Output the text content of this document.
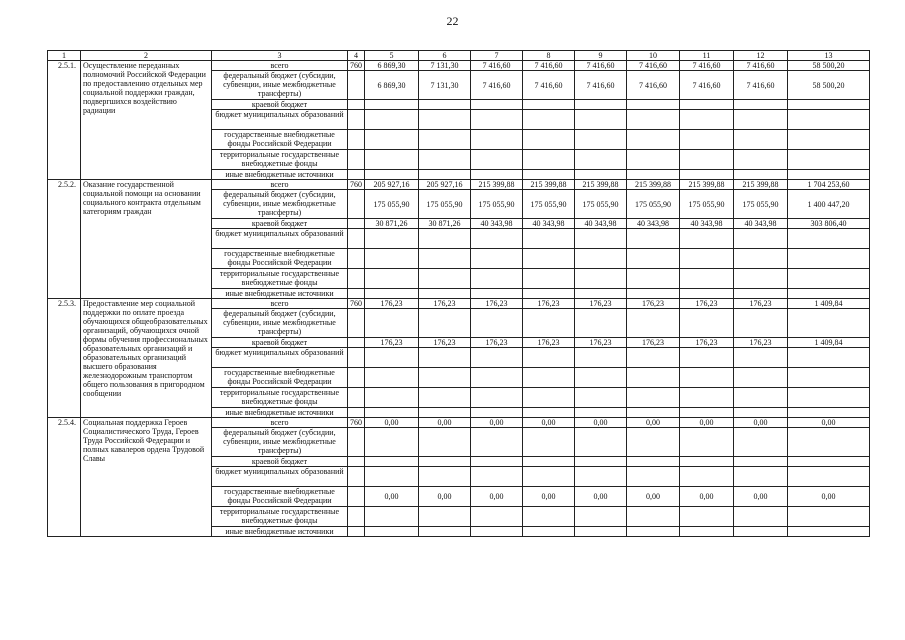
22
1	2	3	4	5	6	7	8	9	10	11	12	13
2.5.1.	Осуществление переданных полномочий Российской Федерации по предоставлению отдельных мер социальной поддержки граждан, подвергшихся воздействию радиации	всего	760	6 869,30	7 131,30	7 416,60	7 416,60	7 416,60	7 416,60	7 416,60	7 416,60	58 500,20
		федеральный бюджет (субсидии, субвенции, иные межбюджетные трансферты)		6 869,30	7 131,30	7 416,60	7 416,60	7 416,60	7 416,60	7 416,60	7 416,60	58 500,20
		краевой бюджет										
		бюджет муниципальных образований										
		государственные внебюджетные фонды Российской Федерации										
		территориальные государственные внебюджетные фонды										
		иные внебюджетные источники										
2.5.2.	Оказание государственной социальной помощи на основании социального контракта отдельным категориям граждан	всего	760	205 927,16	205 927,16	215 399,88	215 399,88	215 399,88	215 399,88	215 399,88	215 399,88	1 704 253,60
		федеральный бюджет (субсидии, субвенции, иные межбюджетные трансферты)		175 055,90	175 055,90	175 055,90	175 055,90	175 055,90	175 055,90	175 055,90	175 055,90	1 400 447,20
		краевой бюджет		30 871,26	30 871,26	40 343,98	40 343,98	40 343,98	40 343,98	40 343,98	40 343,98	303 806,40
		бюджет муниципальных образований										
		государственные внебюджетные фонды Российской Федерации										
		территориальные государственные внебюджетные фонды										
		иные внебюджетные источники										
2.5.3.	Предоставление мер социальной поддержки по оплате проезда обучающихся общеобразовательных организаций, обучающихся очной формы обучения профессиональных образовательных организаций и образовательных организаций высшего образования железнодорожным транспортом общего пользования в пригородном сообщении	всего	760	176,23	176,23	176,23	176,23	176,23	176,23	176,23	176,23	1 409,84
		федеральный бюджет (субсидии, субвенции, иные межбюджетные трансферты)										
		краевой бюджет		176,23	176,23	176,23	176,23	176,23	176,23	176,23	176,23	1 409,84
		бюджет муниципальных образований										
		государственные внебюджетные фонды Российской Федерации										
		территориальные государственные внебюджетные фонды										
		иные внебюджетные источники										
2.5.4.	Социальная поддержка Героев Социалистического Труда, Героев Труда Российской Федерации и полных кавалеров ордена Трудовой Славы	всего	760	0,00	0,00	0,00	0,00	0,00	0,00	0,00	0,00	0,00
		федеральный бюджет (субсидии, субвенции, иные межбюджетные трансферты)										
		краевой бюджет										
		бюджет муниципальных образований										
		государственные внебюджетные фонды Российской Федерации		0,00	0,00	0,00	0,00	0,00	0,00	0,00	0,00	0,00
		территориальные государственные внебюджетные фонды										
		иные внебюджетные источники										
